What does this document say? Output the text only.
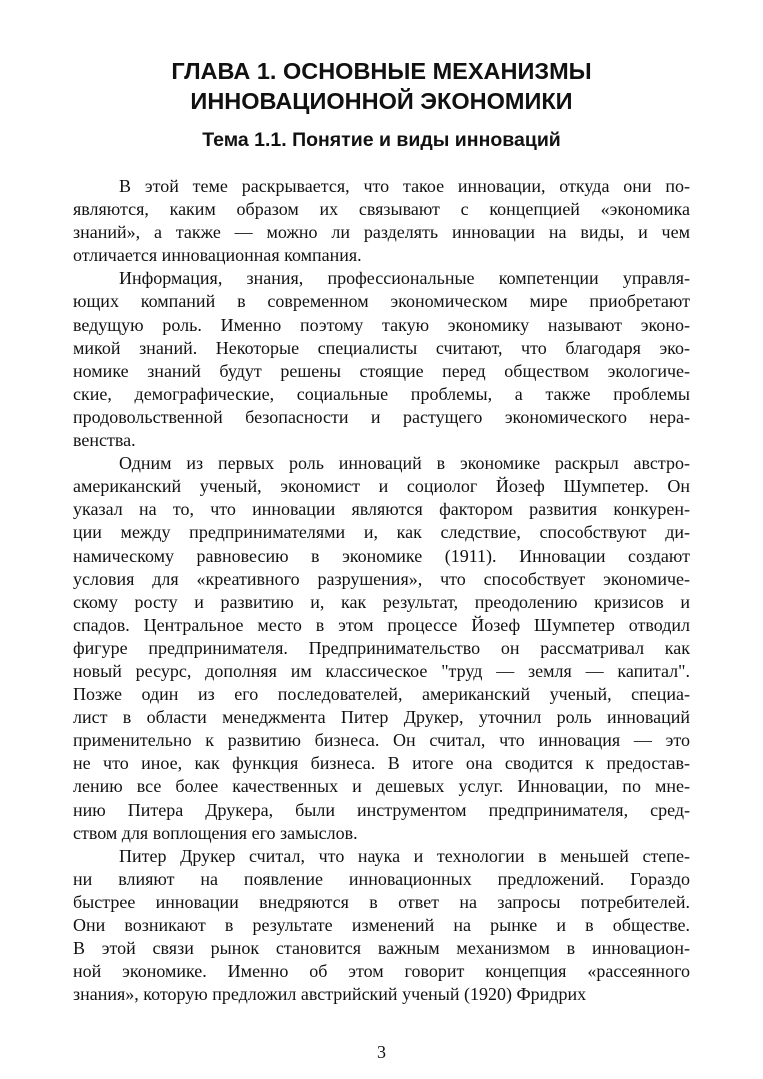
ГЛАВА 1. ОСНОВНЫЕ МЕХАНИЗМЫ
ИННОВАЦИОННОЙ ЭКОНОМИКИ
Тема 1.1. Понятие и виды инноваций
В этой теме раскрывается, что такое инновации, откуда они по-
являются, каким образом их связывают с концепцией «экономика
знаний», а также — можно ли разделять инновации на виды, и чем
отличается инновационная компания.
Информация, знания, профессиональные компетенции управля-
ющих компаний в современном экономическом мире приобретают
ведущую роль. Именно поэтому такую экономику называют эконо-
микой знаний. Некоторые специалисты считают, что благодаря эко-
номике знаний будут решены стоящие перед обществом экологиче-
ские, демографические, социальные проблемы, а также проблемы
продовольственной безопасности и растущего экономического нера-
венства.
Одним из первых роль инноваций в экономике раскрыл австро-
американский ученый, экономист и социолог Йозеф Шумпетер. Он
указал на то, что инновации являются фактором развития конкурен-
ции между предпринимателями и, как следствие, способствуют ди-
намическому равновесию в экономике (1911). Инновации создают
условия для «креативного разрушения», что способствует экономиче-
скому росту и развитию и, как результат, преодолению кризисов и
спадов. Центральное место в этом процессе Йозеф Шумпетер отводил
фигуре предпринимателя. Предпринимательство он рассматривал как
новый ресурс, дополняя им классическое "труд — земля — капитал".
Позже один из его последователей, американский ученый, специа-
лист в области менеджмента Питер Друкер, уточнил роль инноваций
применительно к развитию бизнеса. Он считал, что инновация — это
не что иное, как функция бизнеса. В итоге она сводится к предостав-
лению все более качественных и дешевых услуг. Инновации, по мне-
нию Питера Друкера, были инструментом предпринимателя, сред-
ством для воплощения его замыслов.
Питер Друкер считал, что наука и технологии в меньшей степе-
ни влияют на появление инновационных предложений. Гораздо
быстрее инновации внедряются в ответ на запросы потребителей.
Они возникают в результате изменений на рынке и в обществе.
В этой связи рынок становится важным механизмом в инновацион-
ной экономике. Именно об этом говорит концепция «рассеянного
знания», которую предложил австрийский ученый (1920) Фридрих
3
